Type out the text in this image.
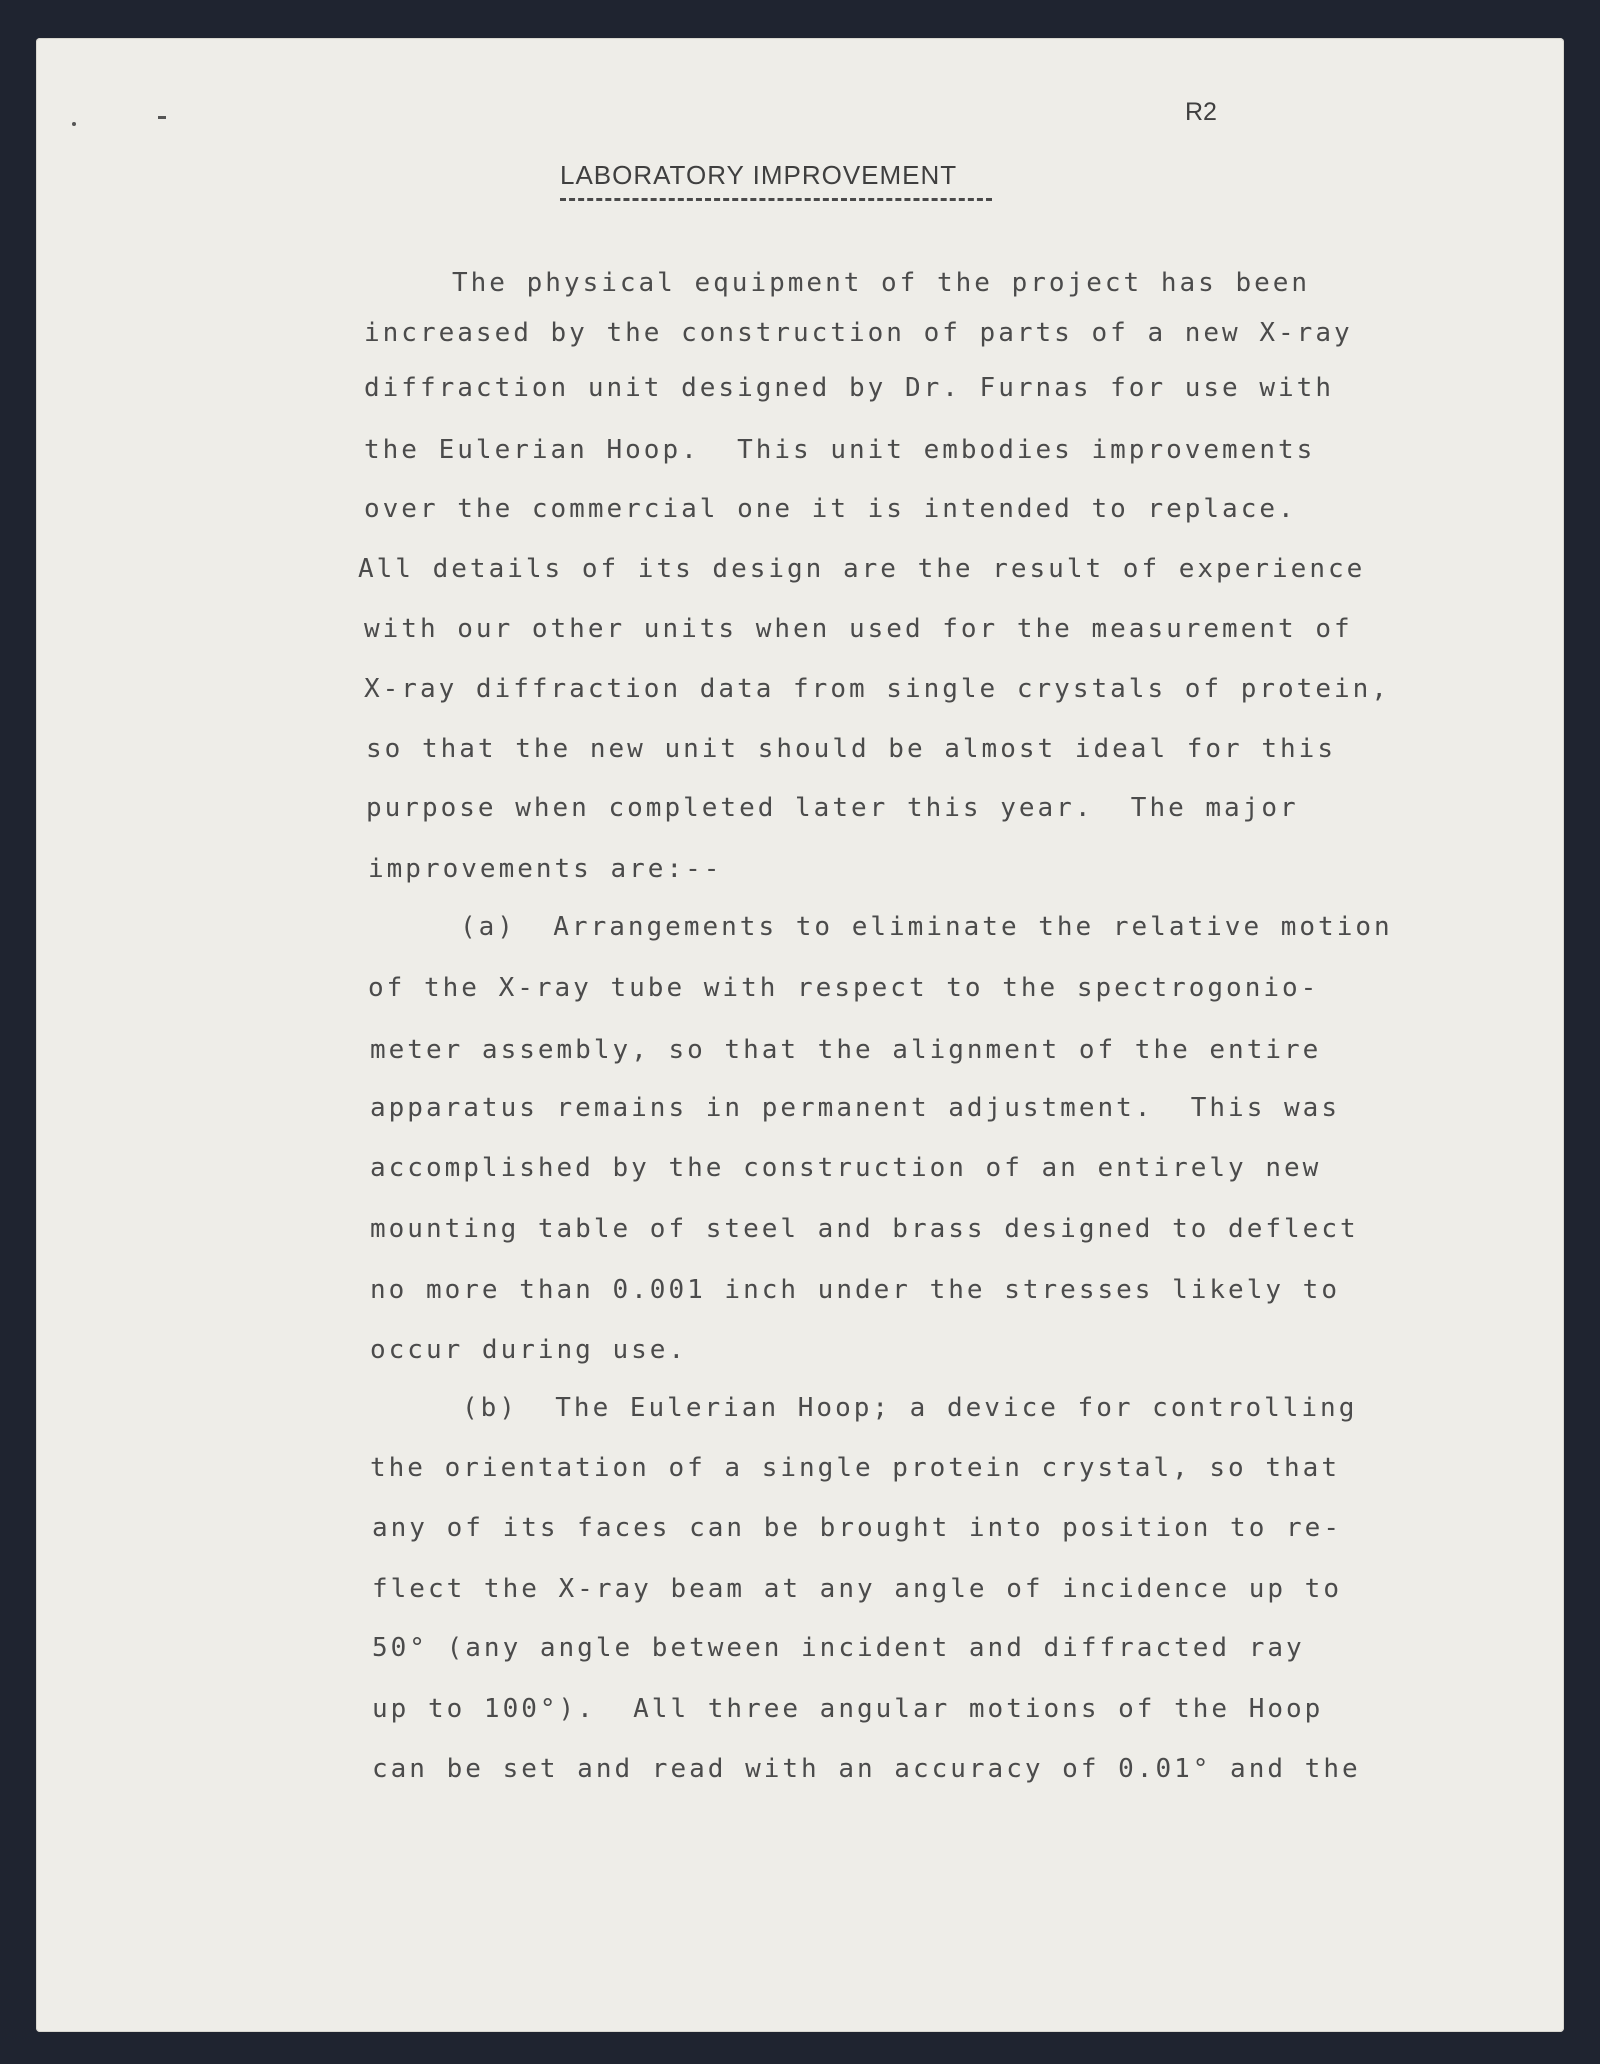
R2
LABORATORY IMPROVEMENT
The physical equipment of the project has been
increased by the construction of parts of a new X-ray
diffraction unit designed by Dr. Furnas for use with
the Eulerian Hoop.  This unit embodies improvements
over the commercial one it is intended to replace.
All details of its design are the result of experience
with our other units when used for the measurement of
X-ray diffraction data from single crystals of protein,
so that the new unit should be almost ideal for this
purpose when completed later this year.  The major
improvements are:--
(a)  Arrangements to eliminate the relative motion
of the X-ray tube with respect to the spectrogonio-
meter assembly, so that the alignment of the entire
apparatus remains in permanent adjustment.  This was
accomplished by the construction of an entirely new
mounting table of steel and brass designed to deflect
no more than 0.001 inch under the stresses likely to
occur during use.
(b)  The Eulerian Hoop; a device for controlling
the orientation of a single protein crystal, so that
any of its faces can be brought into position to re-
flect the X-ray beam at any angle of incidence up to
50° (any angle between incident and diffracted ray
up to 100°).  All three angular motions of the Hoop
can be set and read with an accuracy of 0.01° and the
